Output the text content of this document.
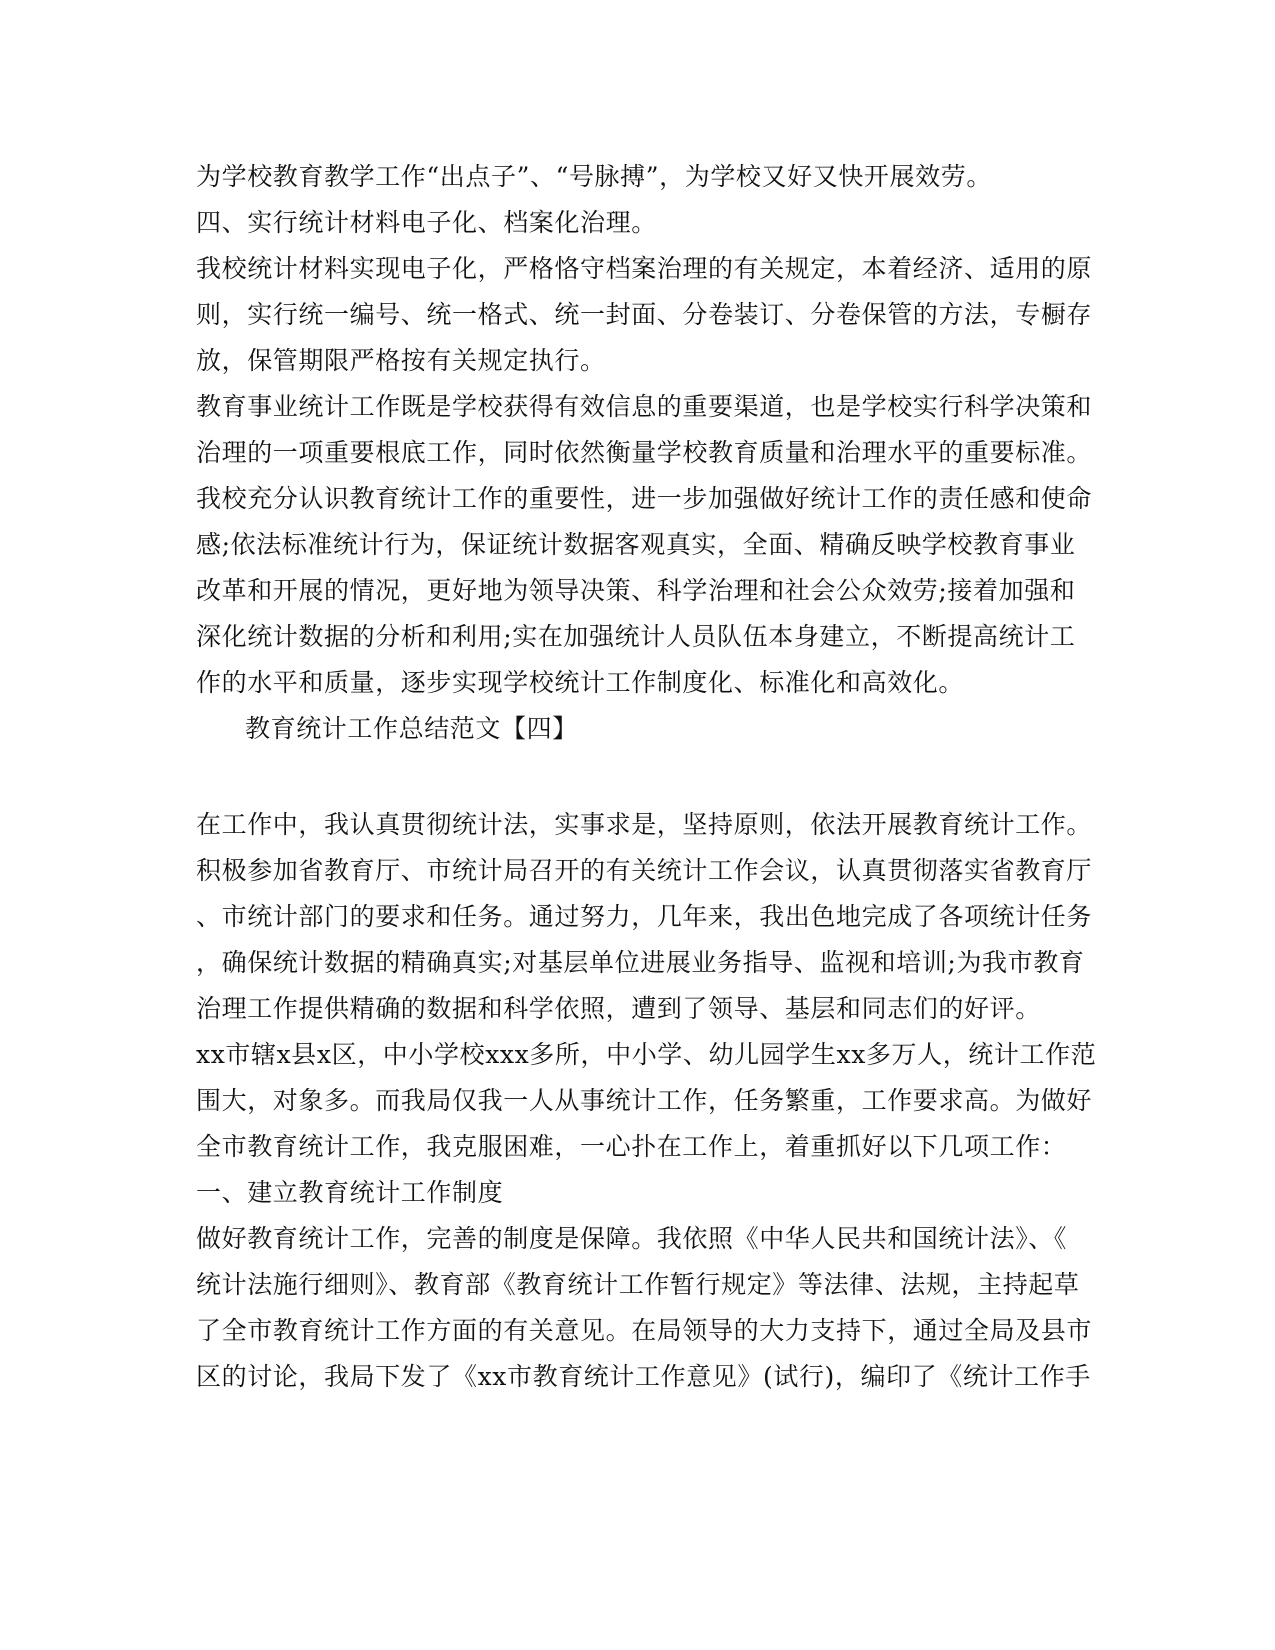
为学校教育教学工作“出点子”、“号脉搏”，为学校又好又快开展效劳。
四、实行统计材料电子化、档案化治理。
我校统计材料实现电子化，严格恪守档案治理的有关规定，本着经济、适用的原
则，实行统一编号、统一格式、统一封面、分卷装订、分卷保管的方法，专橱存
放，保管期限严格按有关规定执行。
教育事业统计工作既是学校获得有效信息的重要渠道，也是学校实行科学决策和
治理的一项重要根底工作，同时依然衡量学校教育质量和治理水平的重要标准。
我校充分认识教育统计工作的重要性，进一步加强做好统计工作的责任感和使命
感;依法标准统计行为，保证统计数据客观真实，全面、精确反映学校教育事业
改革和开展的情况，更好地为领导决策、科学治理和社会公众效劳;接着加强和
深化统计数据的分析和利用;实在加强统计人员队伍本身建立，不断提高统计工
作的水平和质量，逐步实现学校统计工作制度化、标准化和高效化。
教育统计工作总结范文【四】
在工作中，我认真贯彻统计法，实事求是，坚持原则，依法开展教育统计工作。
积极参加省教育厅、市统计局召开的有关统计工作会议，认真贯彻落实省教育厅
、市统计部门的要求和任务。通过努力，几年来，我出色地完成了各项统计任务
，确保统计数据的精确真实;对基层单位进展业务指导、监视和培训;为我市教育
治理工作提供精确的数据和科学依照，遭到了领导、基层和同志们的好评。
xx市辖x县x区，中小学校xxx多所，中小学、幼儿园学生xx多万人，统计工作范
围大，对象多。而我局仅我一人从事统计工作，任务繁重，工作要求高。为做好
全市教育统计工作，我克服困难，一心扑在工作上，着重抓好以下几项工作：
一、建立教育统计工作制度
做好教育统计工作，完善的制度是保障。我依照《中华人民共和国统计法》、《
统计法施行细则》、教育部《教育统计工作暂行规定》等法律、法规，主持起草
了全市教育统计工作方面的有关意见。在局领导的大力支持下，通过全局及县市
区的讨论，我局下发了《xx市教育统计工作意见》(试行)，编印了《统计工作手
